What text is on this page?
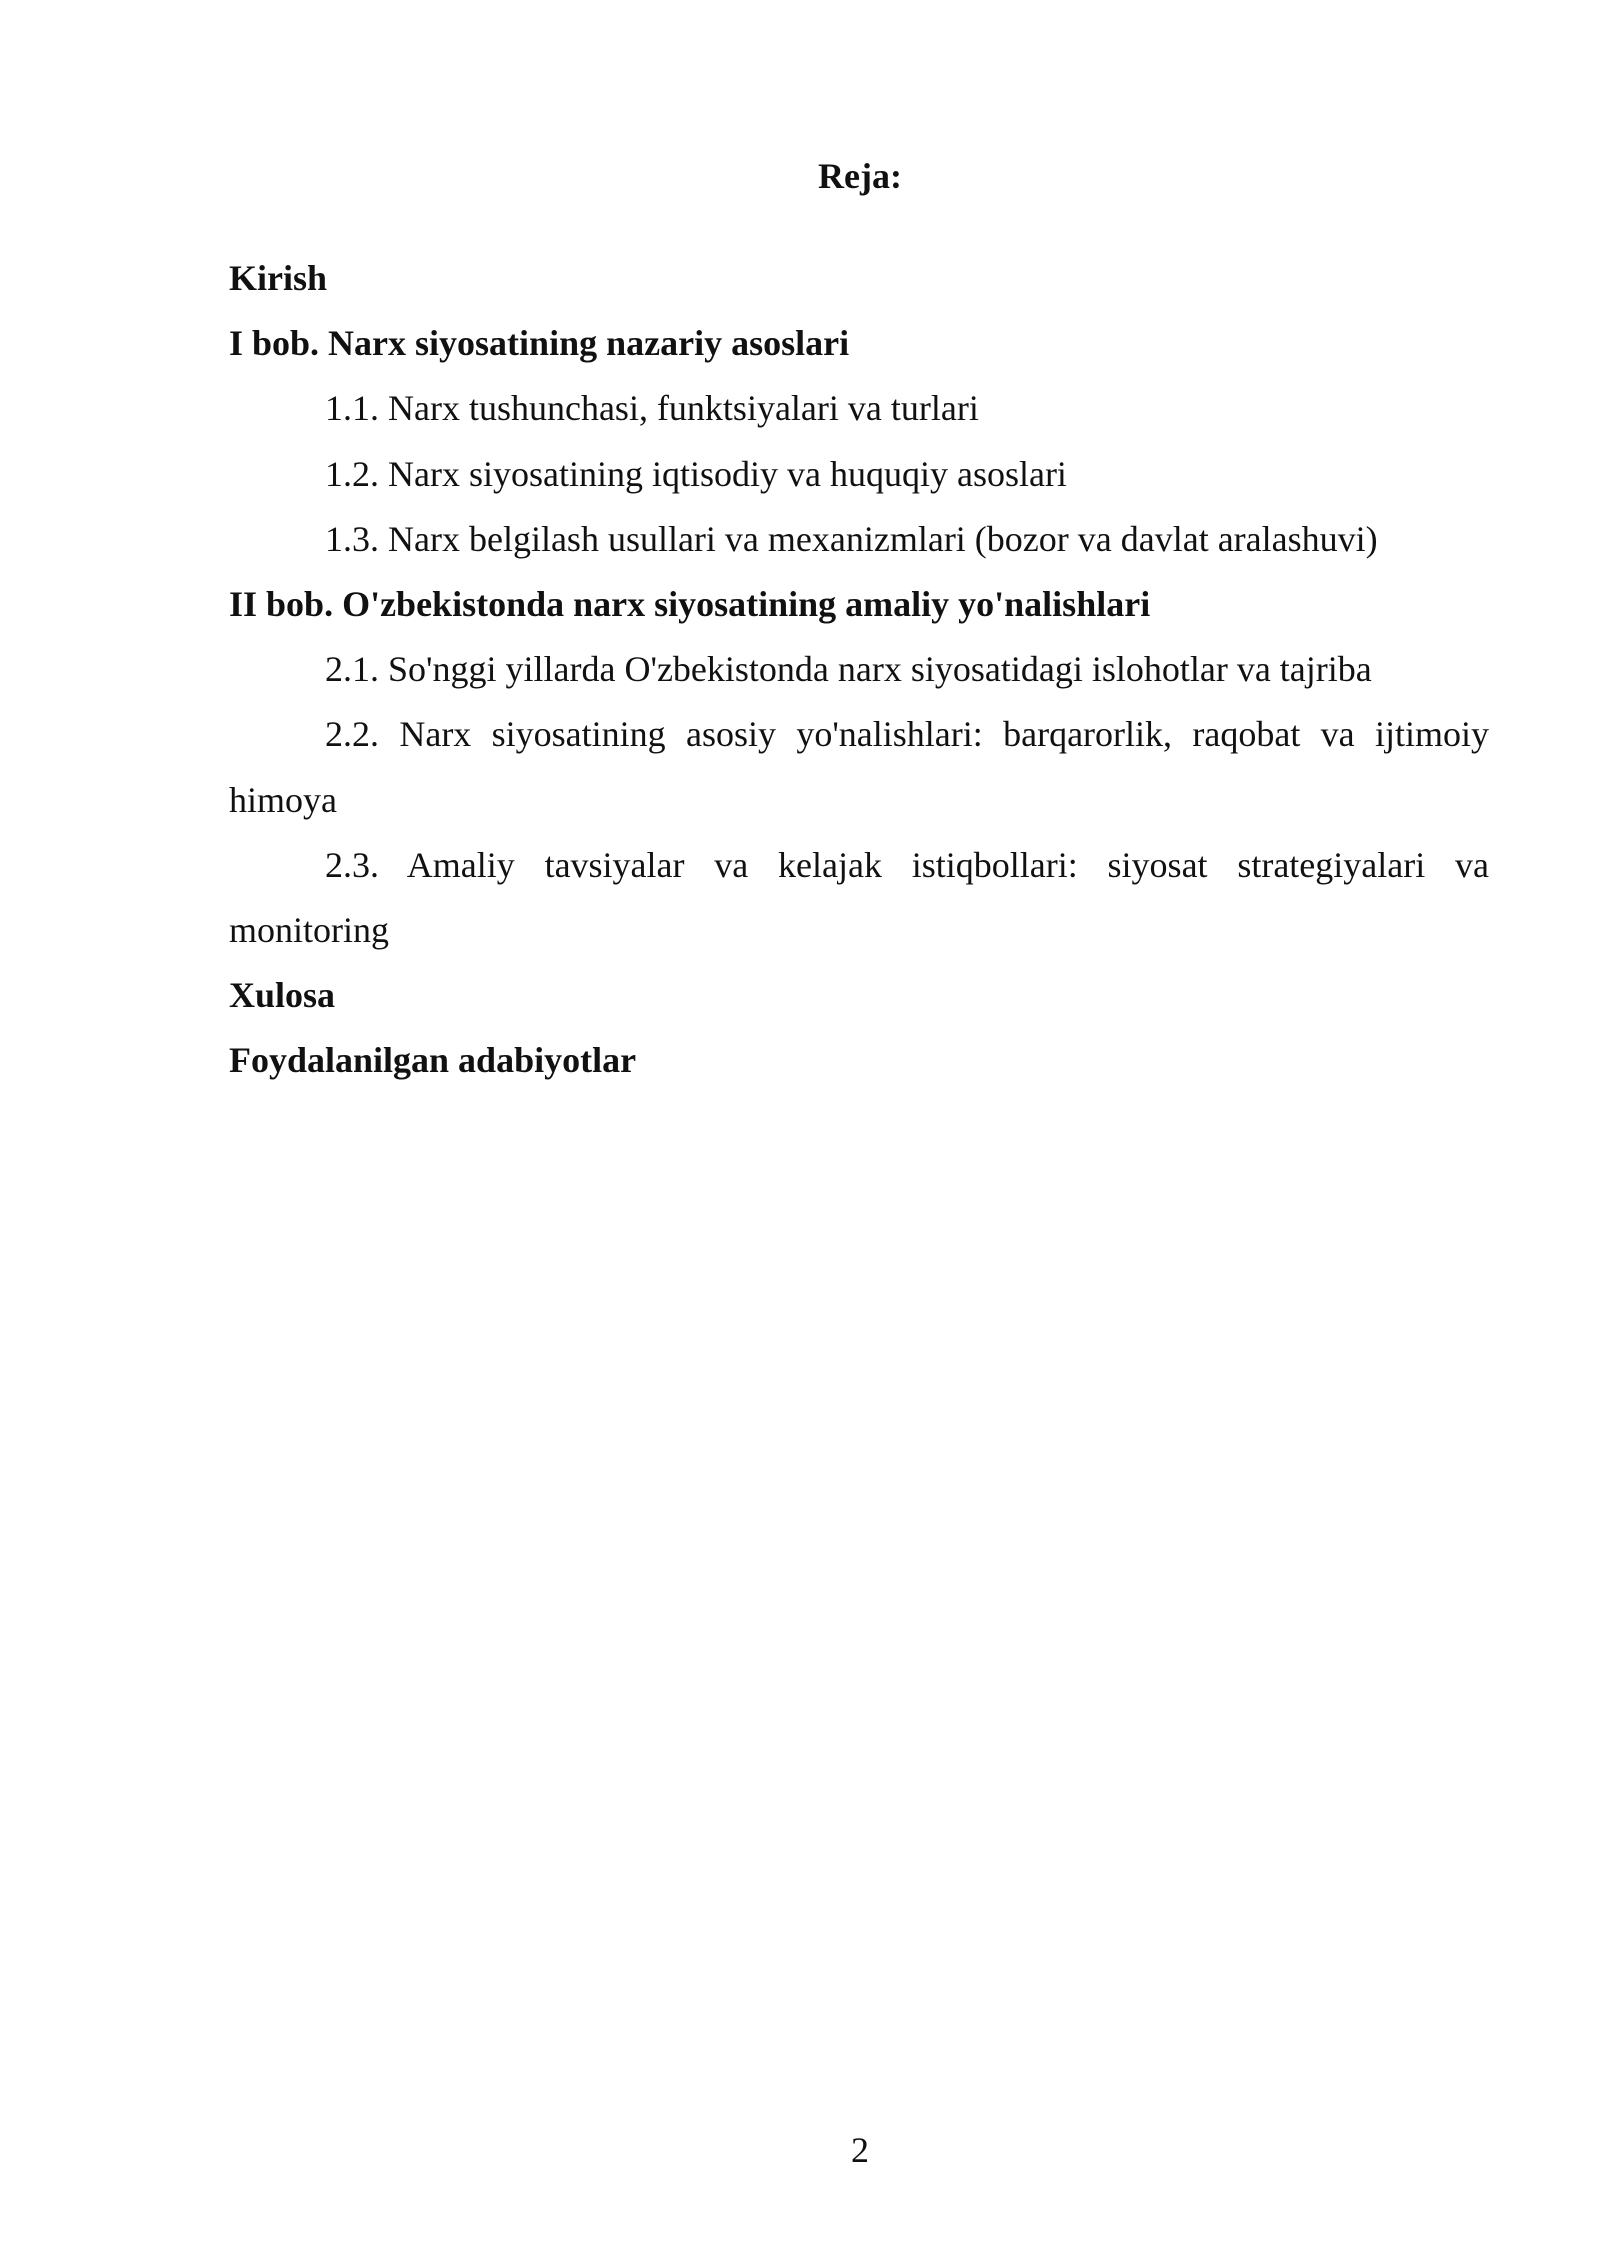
Reja:
Kirish
I bob. Narx siyosatining nazariy asoslari
1.1. Narx tushunchasi, funktsiyalari va turlari
1.2. Narx siyosatining iqtisodiy va huquqiy asoslari
1.3. Narx belgilash usullari va mexanizmlari (bozor va davlat aralashuvi)
II bob. O'zbekistonda narx siyosatining amaliy yo'nalishlari
2.1. So'nggi yillarda O'zbekistonda narx siyosatidagi islohotlar va tajriba
2.2. Narx siyosatining asosiy yo'nalishlari: barqarorlik, raqobat va ijtimoiy himoya
2.3. Amaliy tavsiyalar va kelajak istiqbollari: siyosat strategiyalari va monitoring
Xulosa
Foydalanilgan adabiyotlar
2
